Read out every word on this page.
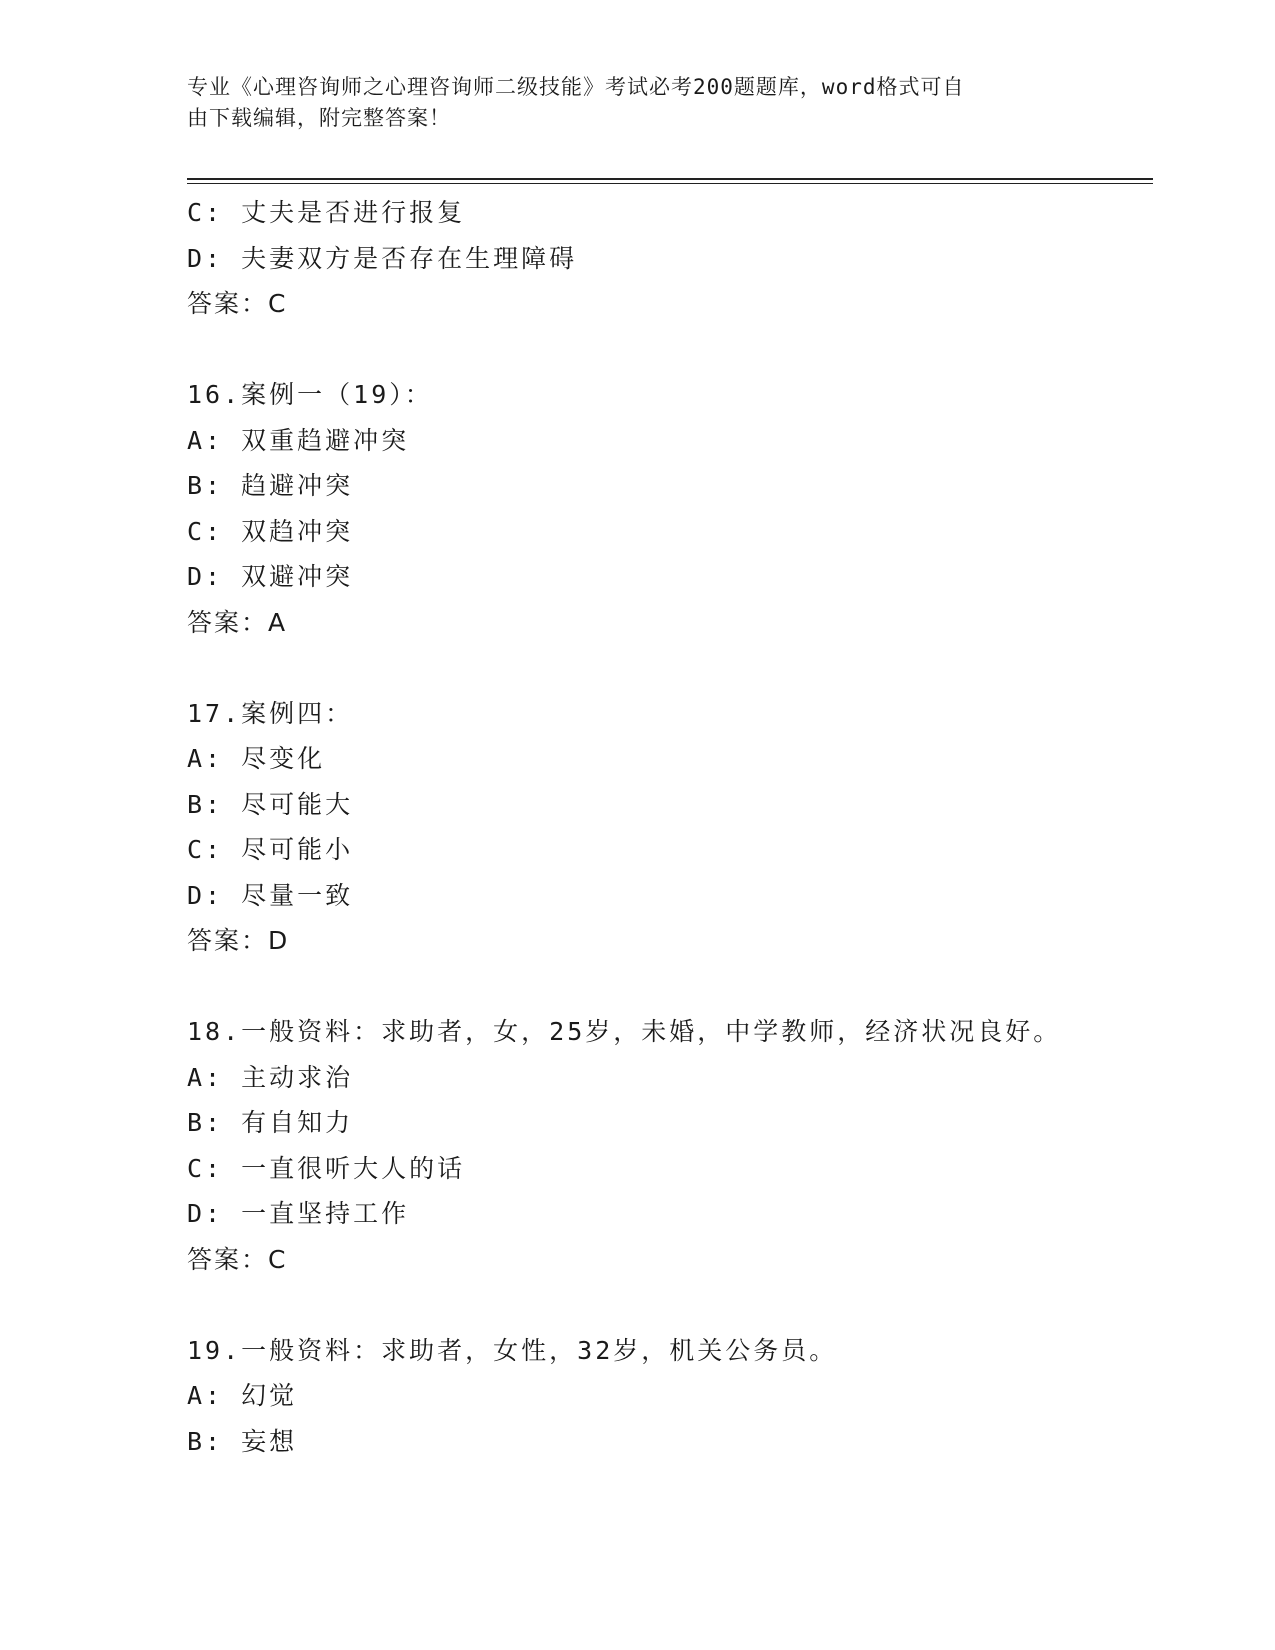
专业《心理咨询师之心理咨询师二级技能》考试必考200题题库，word格式可自
由下载编辑，附完整答案！
C: 丈夫是否进行报复
D: 夫妻双方是否存在生理障碍
答案：C
16.案例一（19）：
A: 双重趋避冲突
B: 趋避冲突
C: 双趋冲突
D: 双避冲突
答案：A
17.案例四：
A: 尽变化
B: 尽可能大
C: 尽可能小
D: 尽量一致
答案：D
18.一般资料：求助者，女，25岁，未婚，中学教师，经济状况良好。
A: 主动求治
B: 有自知力
C: 一直很听大人的话
D: 一直坚持工作
答案：C
19.一般资料：求助者，女性，32岁，机关公务员。
A: 幻觉
B: 妄想
